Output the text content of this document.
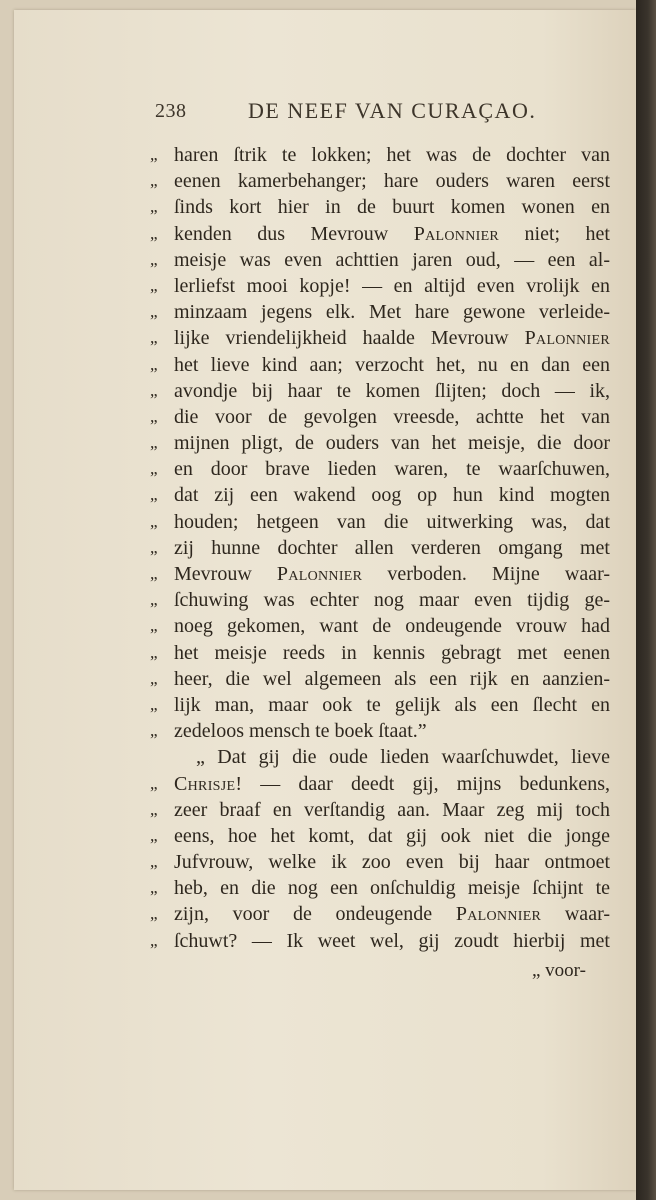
238	DE NEEF VAN CURAÇAO.
„ haren ſtrik te lokken; het was de dochter van
„ eenen kamerbehanger; hare ouders waren eerst
„ ſinds kort hier in de buurt komen wonen en
„ kenden dus Mevrouw Palonnier niet; het
„ meisje was even achttien jaren oud, — een al-
„ lerliefst mooi kopje! — en altijd even vrolijk en
„ minzaam jegens elk. Met hare gewone verleide-
„ lijke vriendelijkheid haalde Mevrouw Palonnier
„ het lieve kind aan; verzocht het, nu en dan een
„ avondje bij haar te komen ſlijten; doch — ik,
„ die voor de gevolgen vreesde, achtte het van
„ mijnen pligt, de ouders van het meisje, die door
„ en door brave lieden waren, te waarſchuwen,
„ dat zij een wakend oog op hun kind mogten
„ houden; hetgeen van die uitwerking was, dat
„ zij hunne dochter allen verderen omgang met
„ Mevrouw Palonnier verboden. Mijne waar-
„ ſchuwing was echter nog maar even tijdig ge-
„ noeg gekomen, want de ondeugende vrouw had
„ het meisje reeds in kennis gebragt met eenen
„ heer, die wel algemeen als een rijk en aanzien-
„ lijk man, maar ook te gelijk als een ſlecht en
„ zedeloos mensch te boek ſtaat.”
„ Dat gij die oude lieden waarſchuwdet, lieve
„ Chrisje! — daar deedt gij, mijns bedunkens,
„ zeer braaf en verſtandig aan. Maar zeg mij toch
„ eens, hoe het komt, dat gij ook niet die jonge
„ Jufvrouw, welke ik zoo even bij haar ontmoet
„ heb, en die nog een onſchuldig meisje ſchijnt te
„ zijn, voor de ondeugende Palonnier waar-
„ ſchuwt? — Ik weet wel, gij zoudt hierbij met
„ voor-
